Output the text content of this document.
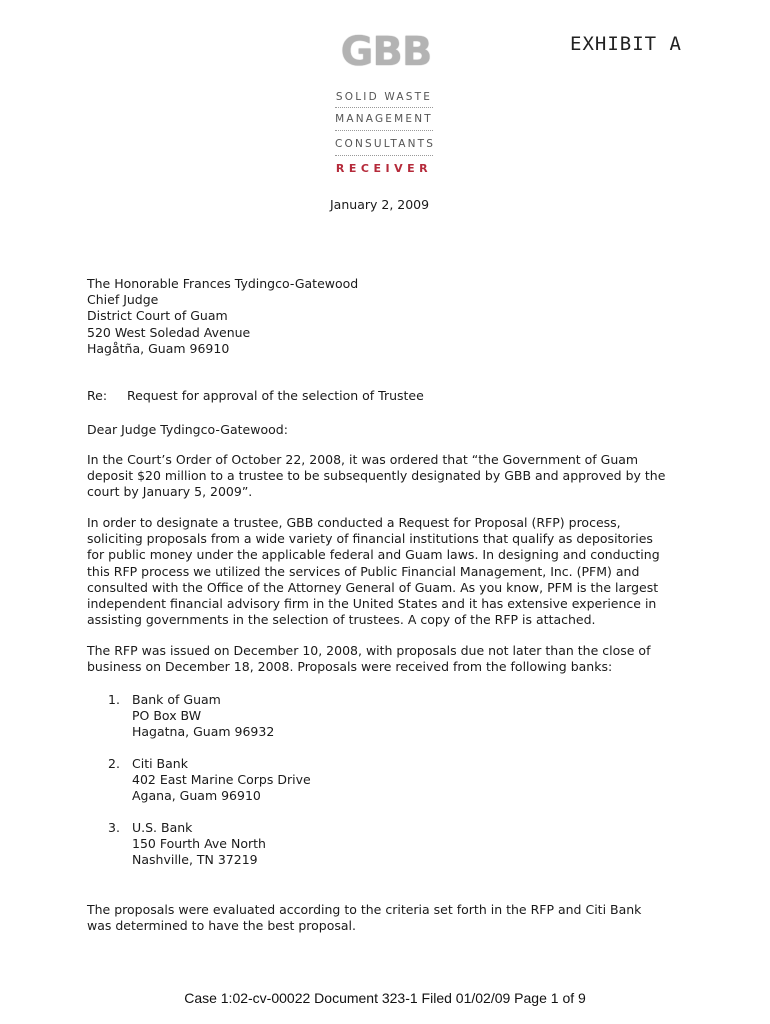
EXHIBIT A
GBB
SOLID WASTE
MANAGEMENT
CONSULTANTS
RECEIVER
January 2, 2009
The Honorable Frances Tydingco-Gatewood
Chief Judge
District Court of Guam
520 West Soledad Avenue
Hagåtña, Guam 96910
Re: Request for approval of the selection of Trustee
Dear Judge Tydingco-Gatewood:
In the Court’s Order of October 22, 2008, it was ordered that “the Government of Guam
deposit $20 million to a trustee to be subsequently designated by GBB and approved by the
court by January 5, 2009”.
In order to designate a trustee, GBB conducted a Request for Proposal (RFP) process,
soliciting proposals from a wide variety of financial institutions that qualify as depositories
for public money under the applicable federal and Guam laws. In designing and conducting
this RFP process we utilized the services of Public Financial Management, Inc. (PFM) and
consulted with the Office of the Attorney General of Guam. As you know, PFM is the largest
independent financial advisory firm in the United States and it has extensive experience in
assisting governments in the selection of trustees. A copy of the RFP is attached.
The RFP was issued on December 10, 2008, with proposals due not later than the close of
business on December 18, 2008. Proposals were received from the following banks:
1. Bank of Guam
PO Box BW
Hagatna, Guam 96932
2. Citi Bank
402 East Marine Corps Drive
Agana, Guam 96910
3. U.S. Bank
150 Fourth Ave North
Nashville, TN 37219
The proposals were evaluated according to the criteria set forth in the RFP and Citi Bank
was determined to have the best proposal.
Case 1:02-cv-00022 Document 323-1 Filed 01/02/09 Page 1 of 9
